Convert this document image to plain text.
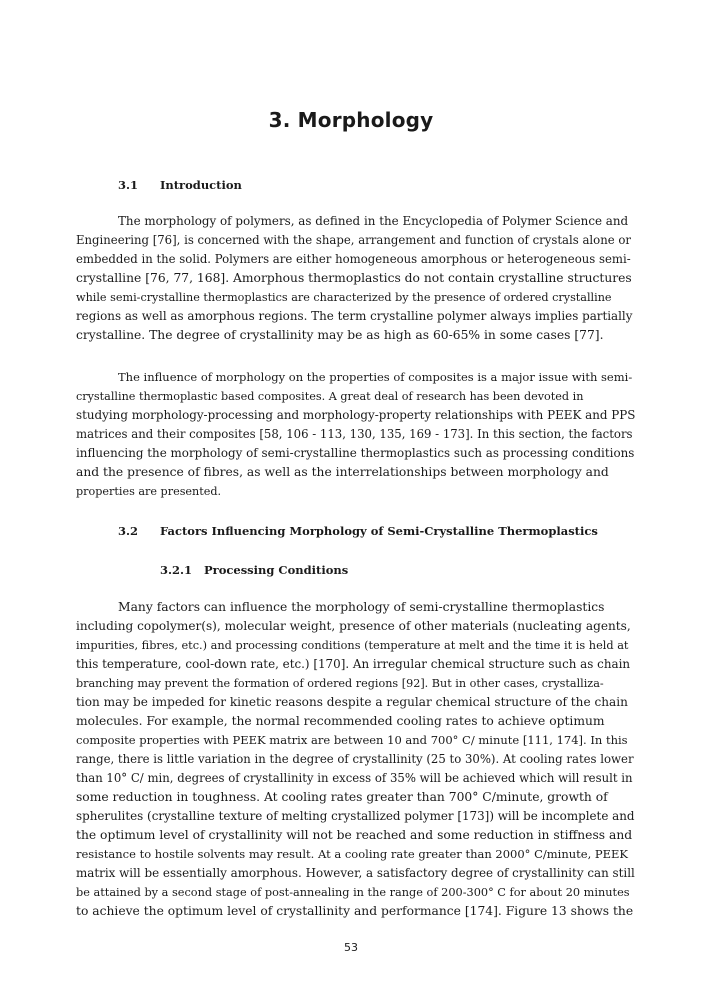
3. Morphology
3.1 Introduction
The morphology of polymers, as defined in the Encyclopedia of Polymer Science and
Engineering [76], is concerned with the shape, arrangement and function of crystals alone or
embedded in the solid. Polymers are either homogeneous amorphous or heterogeneous semi-
crystalline [76, 77, 168]. Amorphous thermoplastics do not contain crystalline structures
while semi-crystalline thermoplastics are characterized by the presence of ordered crystalline
regions as well as amorphous regions. The term crystalline polymer always implies partially
crystalline. The degree of crystallinity may be as high as 60-65% in some cases [77].
The influence of morphology on the properties of composites is a major issue with semi-
crystalline thermoplastic based composites. A great deal of research has been devoted in
studying morphology-processing and morphology-property relationships with PEEK and PPS
matrices and their composites [58, 106 - 113, 130, 135, 169 - 173]. In this section, the factors
influencing the morphology of semi-crystalline thermoplastics such as processing conditions
and the presence of fibres, as well as the interrelationships between morphology and
properties are presented.
3.2 Factors Influencing Morphology of Semi-Crystalline Thermoplastics
3.2.1 Processing Conditions
Many factors can influence the morphology of semi-crystalline thermoplastics
including copolymer(s), molecular weight, presence of other materials (nucleating agents,
impurities, fibres, etc.) and processing conditions (temperature at melt and the time it is held at
this temperature, cool-down rate, etc.) [170]. An irregular chemical structure such as chain
branching may prevent the formation of ordered regions [92]. But in other cases, crystalliza-
tion may be impeded for kinetic reasons despite a regular chemical structure of the chain
molecules. For example, the normal recommended cooling rates to achieve optimum
composite properties with PEEK matrix are between 10 and 700° C/ minute [111, 174]. In this
range, there is little variation in the degree of crystallinity (25 to 30%). At cooling rates lower
than 10° C/ min, degrees of crystallinity in excess of 35% will be achieved which will result in
some reduction in toughness. At cooling rates greater than 700° C/minute, growth of
spherulites (crystalline texture of melting crystallized polymer [173]) will be incomplete and
the optimum level of crystallinity will not be reached and some reduction in stiffness and
resistance to hostile solvents may result. At a cooling rate greater than 2000° C/minute, PEEK
matrix will be essentially amorphous. However, a satisfactory degree of crystallinity can still
be attained by a second stage of post-annealing in the range of 200-300° C for about 20 minutes
to achieve the optimum level of crystallinity and performance [174]. Figure 13 shows the
53
